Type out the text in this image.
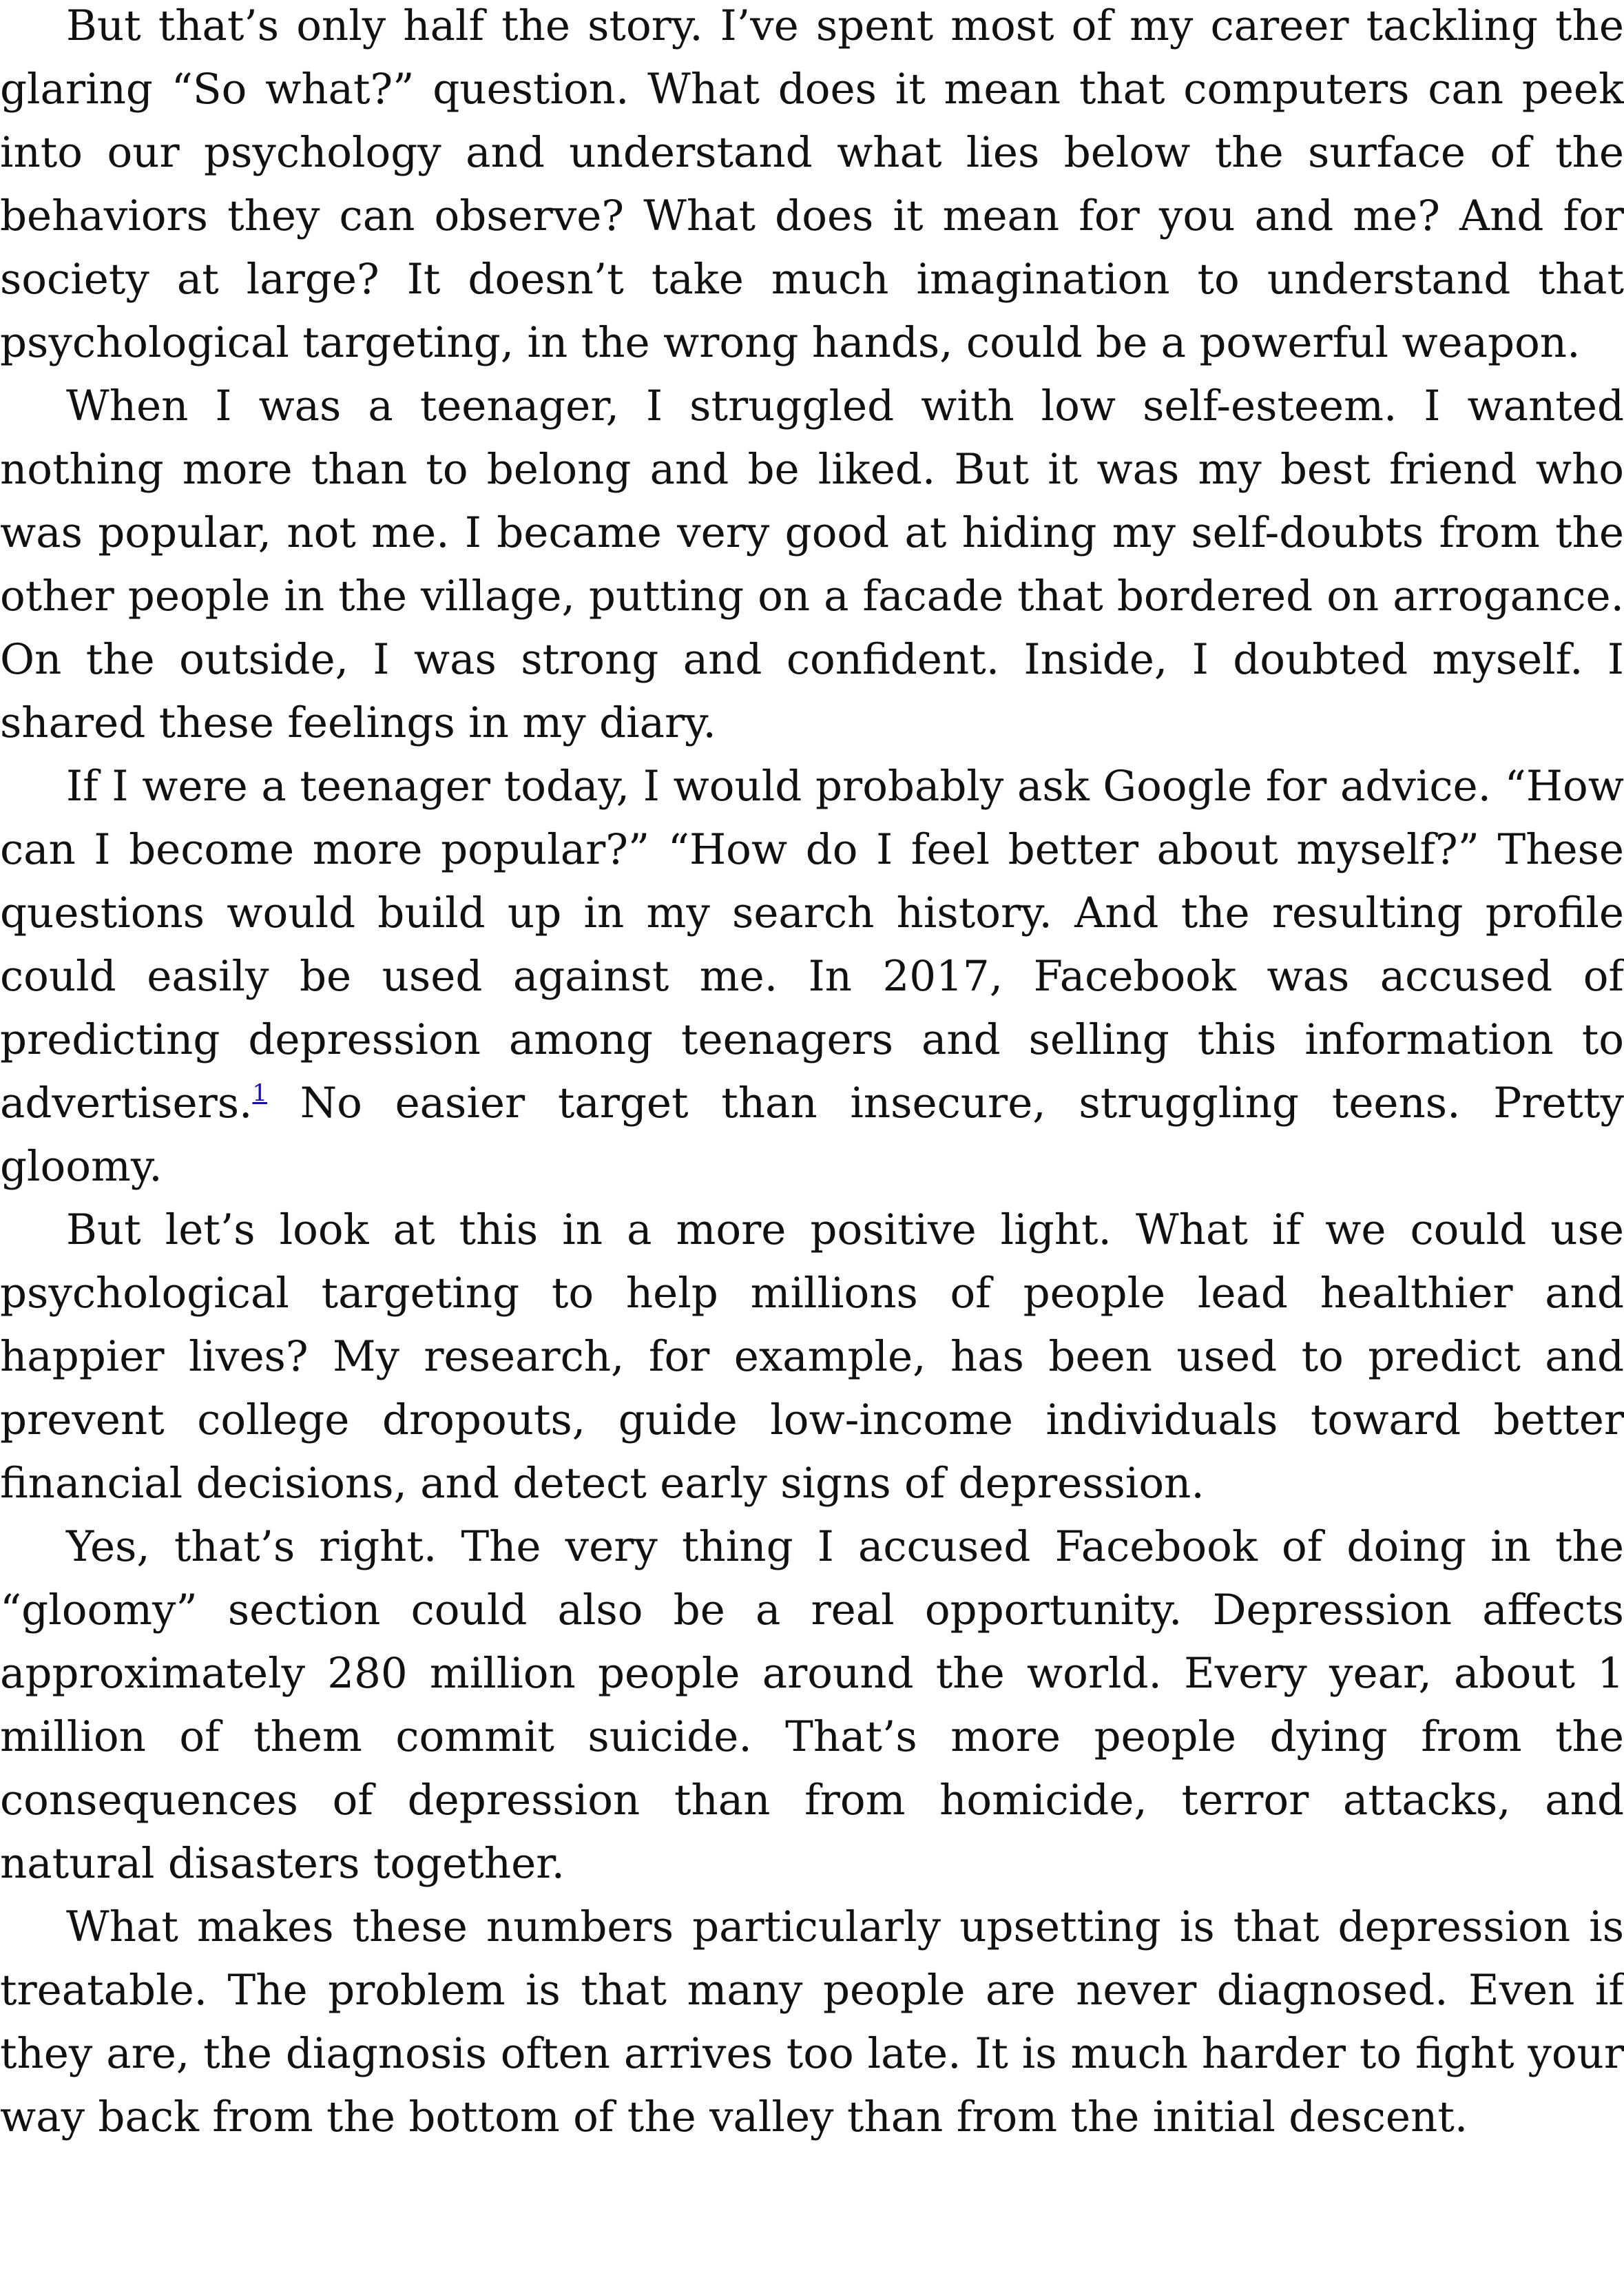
But that’s only half the story. I’ve spent most of my career tackling the glaring “So what?” question. What does it mean that computers can peek into our psychology and understand what lies below the surface of the behaviors they can observe? What does it mean for you and me? And for society at large? It doesn’t take much imagination to understand that psychological targeting, in the wrong hands, could be a powerful weapon.

When I was a teenager, I struggled with low self-esteem. I wanted nothing more than to belong and be liked. But it was my best friend who was popular, not me. I became very good at hiding my self-doubts from the other people in the village, putting on a facade that bordered on arrogance. On the outside, I was strong and confident. Inside, I doubted myself. I shared these feelings in my diary.

If I were a teenager today, I would probably ask Google for advice. “How can I become more popular?” “How do I feel better about myself?” These questions would build up in my search history. And the resulting profile could easily be used against me. In 2017, Facebook was accused of predicting depression among teenagers and selling this information to advertisers.$^1$ No easier target than insecure, struggling teens. Pretty gloomy.

But let’s look at this in a more positive light. What if we could use psychological targeting to help millions of people lead healthier and happier lives? My research, for example, has been used to predict and prevent college dropouts, guide low-income individuals toward better financial decisions, and detect early signs of depression.

Yes, that’s right. The very thing I accused Facebook of doing in the “gloomy” section could also be a real opportunity. Depression affects approximately 280 million people around the world. Every year, about 1 million of them commit suicide. That’s more people dying from the consequences of depression than from homicide, terror attacks, and natural disasters together.

What makes these numbers particularly upsetting is that depression is treatable. The problem is that many people are never diagnosed. Even if they are, the diagnosis often arrives too late. It is much harder to fight your way back from the bottom of the valley than from the initial descent.
